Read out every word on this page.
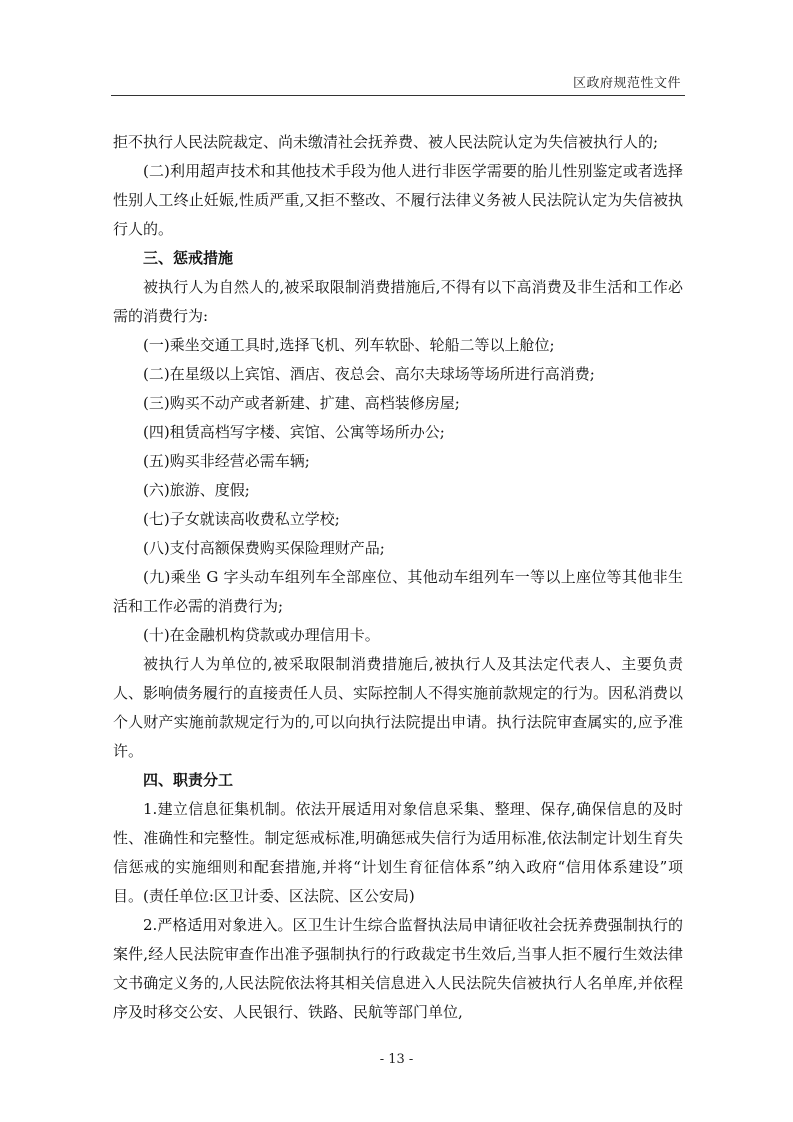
区政府规范性文件

拒不执行人民法院裁定、尚未缴清社会抚养费、被人民法院认定为失信被执行人的;

(二)利用超声技术和其他技术手段为他人进行非医学需要的胎儿性别鉴定或者选择性别人工终止妊娠,性质严重,又拒不整改、不履行法律义务被人民法院认定为失信被执行人的。

三、惩戒措施

被执行人为自然人的,被采取限制消费措施后,不得有以下高消费及非生活和工作必需的消费行为:

(一)乘坐交通工具时,选择飞机、列车软卧、轮船二等以上舱位;

(二)在星级以上宾馆、酒店、夜总会、高尔夫球场等场所进行高消费;

(三)购买不动产或者新建、扩建、高档装修房屋;

(四)租赁高档写字楼、宾馆、公寓等场所办公;

(五)购买非经营必需车辆;

(六)旅游、度假;

(七)子女就读高收费私立学校;

(八)支付高额保费购买保险理财产品;

(九)乘坐 G 字头动车组列车全部座位、其他动车组列车一等以上座位等其他非生活和工作必需的消费行为;

(十)在金融机构贷款或办理信用卡。

被执行人为单位的,被采取限制消费措施后,被执行人及其法定代表人、主要负责人、影响债务履行的直接责任人员、实际控制人不得实施前款规定的行为。因私消费以个人财产实施前款规定行为的,可以向执行法院提出申请。执行法院审查属实的,应予准许。

四、职责分工

1.建立信息征集机制。依法开展适用对象信息采集、整理、保存,确保信息的及时性、准确性和完整性。制定惩戒标准,明确惩戒失信行为适用标准,依法制定计划生育失信惩戒的实施细则和配套措施,并将“计划生育征信体系”纳入政府“信用体系建设”项目。(责任单位:区卫计委、区法院、区公安局)

2.严格适用对象进入。区卫生计生综合监督执法局申请征收社会抚养费强制执行的案件,经人民法院审查作出准予强制执行的行政裁定书生效后,当事人拒不履行生效法律文书确定义务的,人民法院依法将其相关信息进入人民法院失信被执行人名单库,并依程序及时移交公安、人民银行、铁路、民航等部门单位,

- 13 -
